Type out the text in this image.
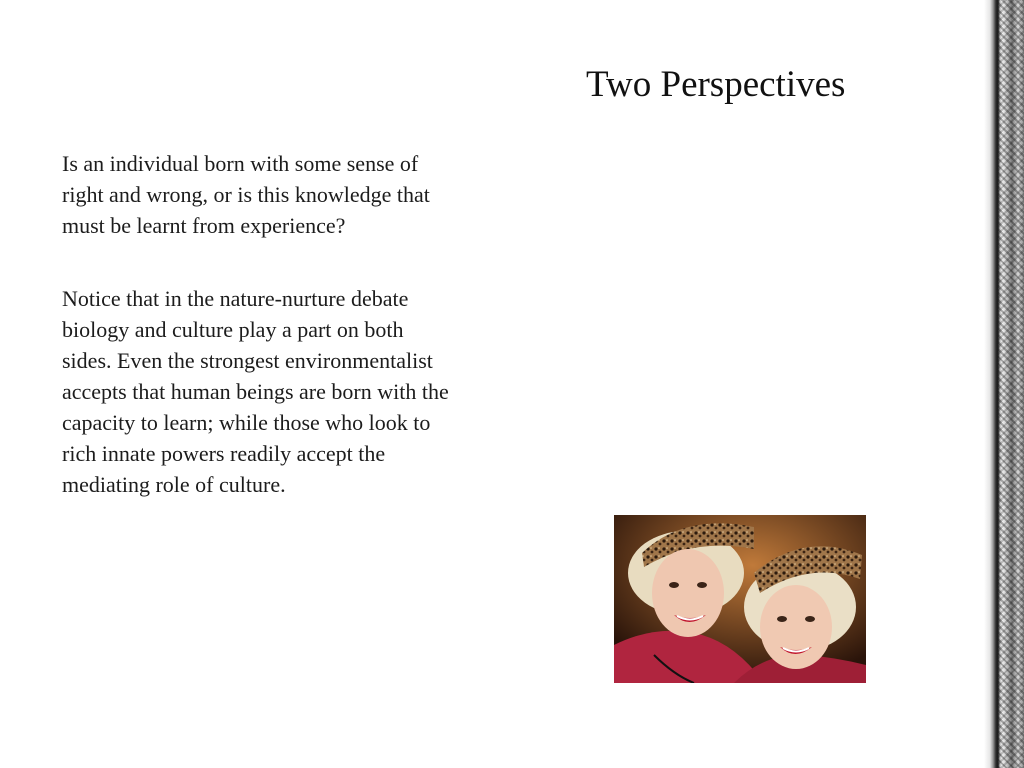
Two Perspectives

Is an individual born with some sense of right and wrong, or is this knowledge that must be learnt from experience?

Notice that in the nature-nurture debate biology and culture play a part on both sides. Even the strongest environmentalist accepts that human beings are born with the capacity to learn; while those who look to rich innate powers readily accept the mediating role of culture.
